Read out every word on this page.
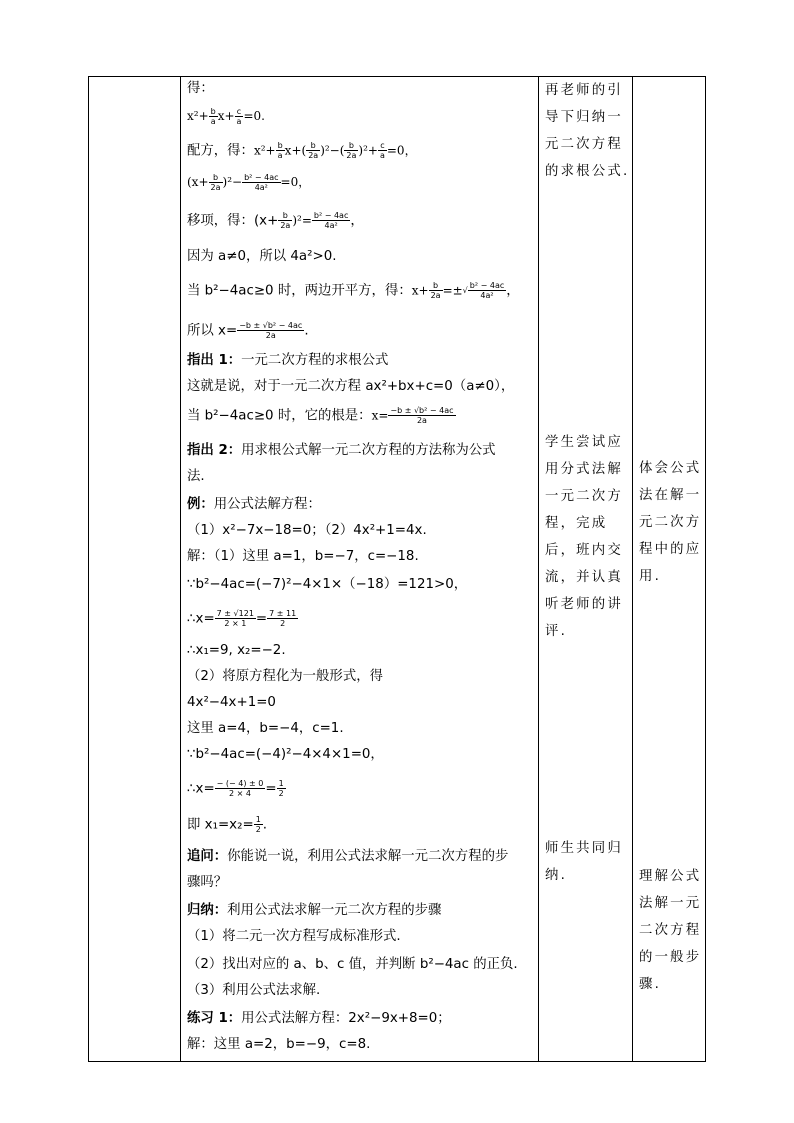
得：
$x^2+ \frac{b}{a} x+ \frac{c}{a} =0$.
配方，得：$x^2+ \frac{b}{a} x+( \frac{b}{2a} )^2-( \frac{b}{2a} )^2+ \frac{c}{a} =0$，
$(x+ \frac{b}{2a} )^2- \frac{\text{b² − 4ac}}{\text{4a²}} =0$，
移项，得：$(x+ \frac{b}{2a} )^2= \frac{\text{b² − 4ac}}{\text{4a²}}$ ，
因为 a≠0，所以 4a²>0.
当 b²−4ac≥0 时，两边开平方，得：$x+ \frac{b}{2a}$ =±√ $\frac{\text{b² − 4ac}}{\text{4a²}}$ ，
所以 $x= \frac{\text{−b ± √b² − 4ac}}{2a}$ .
指出 1：一元二次方程的求根公式
这就是说，对于一元二次方程 ax²+bx+c=0（a≠0），
当 b²−4ac≥0 时，它的根是：$x= \frac{\text{−b ± √b² − 4ac}}{2a}$
指出 2：用求根公式解一元二次方程的方法称为公式
法.
例：用公式法解方程：
（1）x²−7x−18=0；（2）4x²+1=4x.
解：（1）这里 a=1，b=−7，c=−18.
∵b²−4ac=(−7)²−4×1×（−18）=121>0，
∴x= $\frac{7 \pm √121}{2 \times 1} = \frac{7 \pm 11}{2}$
∴x₁=9, x₂=−2.
（2）将原方程化为一般形式，得
4x²−4x+1=0
这里 a=4，b=−4，c=1.
∵b²−4ac=(−4)²−4×4×1=0，
∴x= $\frac{- (- 4) \pm 0}{2 \times 4} = \frac{1}{2}$
即 $x_1=x_2= \frac{1}{2}$ .
追问：你能说一说，利用公式法求解一元二次方程的步
骤吗？
归纳：利用公式法求解一元二次方程的步骤
（1）将二元一次方程写成标准形式.
（2）找出对应的 a、b、c 值，并判断 b²−4ac 的正负.
（3）利用公式法求解.
练习 1：用公式法解方程：2x²−9x+8=0；
解：这里 a=2，b=−9，c=8.
再老师的引导下归纳一元二次方程的求根公式.
学生尝试应用分式法解一元二次方程，完成后，班内交流，并认真听老师的讲评.
师生共同归纳.
体会公式法在解一元二次方程中的应用.
理解公式法解一元二次方程的一般步骤.
